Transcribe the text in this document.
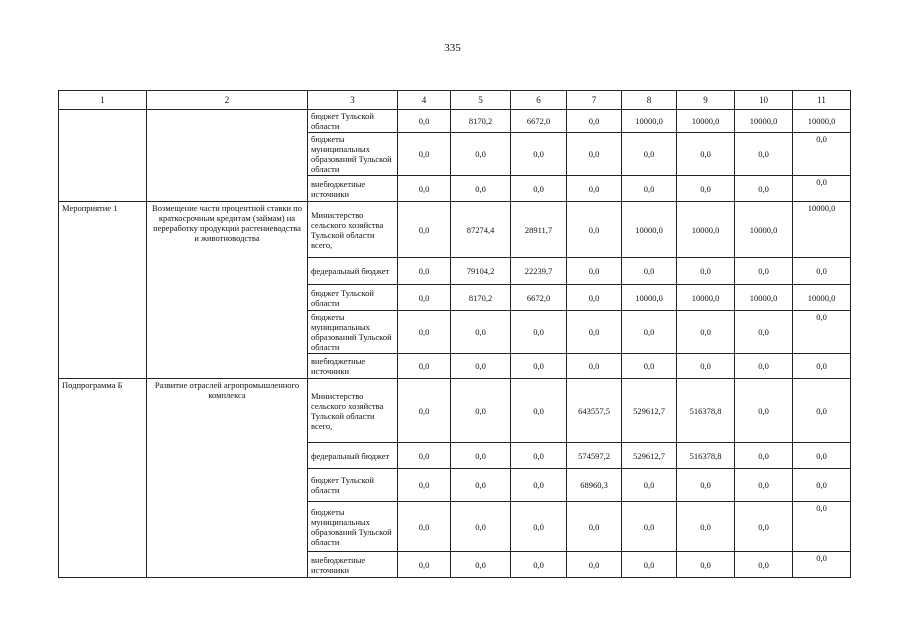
335
1	2	3	4	5	6	7	8	9	10	11
		бюджет Тульской области	0,0	8170,2	6672,0	0,0	10000,0	10000,0	10000,0	10000,0
		бюджеты муниципальных образований Тульской области	0,0	0,0	0,0	0,0	0,0	0,0	0,0	0,0
		внебюджетные источники	0,0	0,0	0,0	0,0	0,0	0,0	0,0	0,0
Мероприятие 1	Возмещение части процентной ставки по краткосрочным кредитам (займам) на переработку продукции растениеводства и животноводства	Министерство сельского хозяйства Тульской области всего,	0,0	87274,4	28911,7	0,0	10000,0	10000,0	10000,0	10000,0
		федеральный бюджет	0,0	79104,2	22239,7	0,0	0,0	0,0	0,0	0,0
		бюджет Тульской области	0,0	8170,2	6672,0	0,0	10000,0	10000,0	10000,0	10000,0
		бюджеты муниципальных образований Тульской области	0,0	0,0	0,0	0,0	0,0	0,0	0,0	0,0
		внебюджетные источники	0,0	0,0	0,0	0,0	0,0	0,0	0,0	0,0
Подпрограмма Б	Развитие отраслей агропромышленного комплекса	Министерство сельского хозяйства Тульской области всего,	0,0	0,0	0,0	643557,5	529612,7	516378,8	0,0	0,0
		федеральный бюджет	0,0	0,0	0,0	574597,2	529612,7	516378,8	0,0	0,0
		бюджет Тульской области	0,0	0,0	0,0	68960,3	0,0	0,0	0,0	0,0
		бюджеты муниципальных образований Тульской области	0,0	0,0	0,0	0,0	0,0	0,0	0,0	0,0
		внебюджетные источники	0,0	0,0	0,0	0,0	0,0	0,0	0,0	0,0
